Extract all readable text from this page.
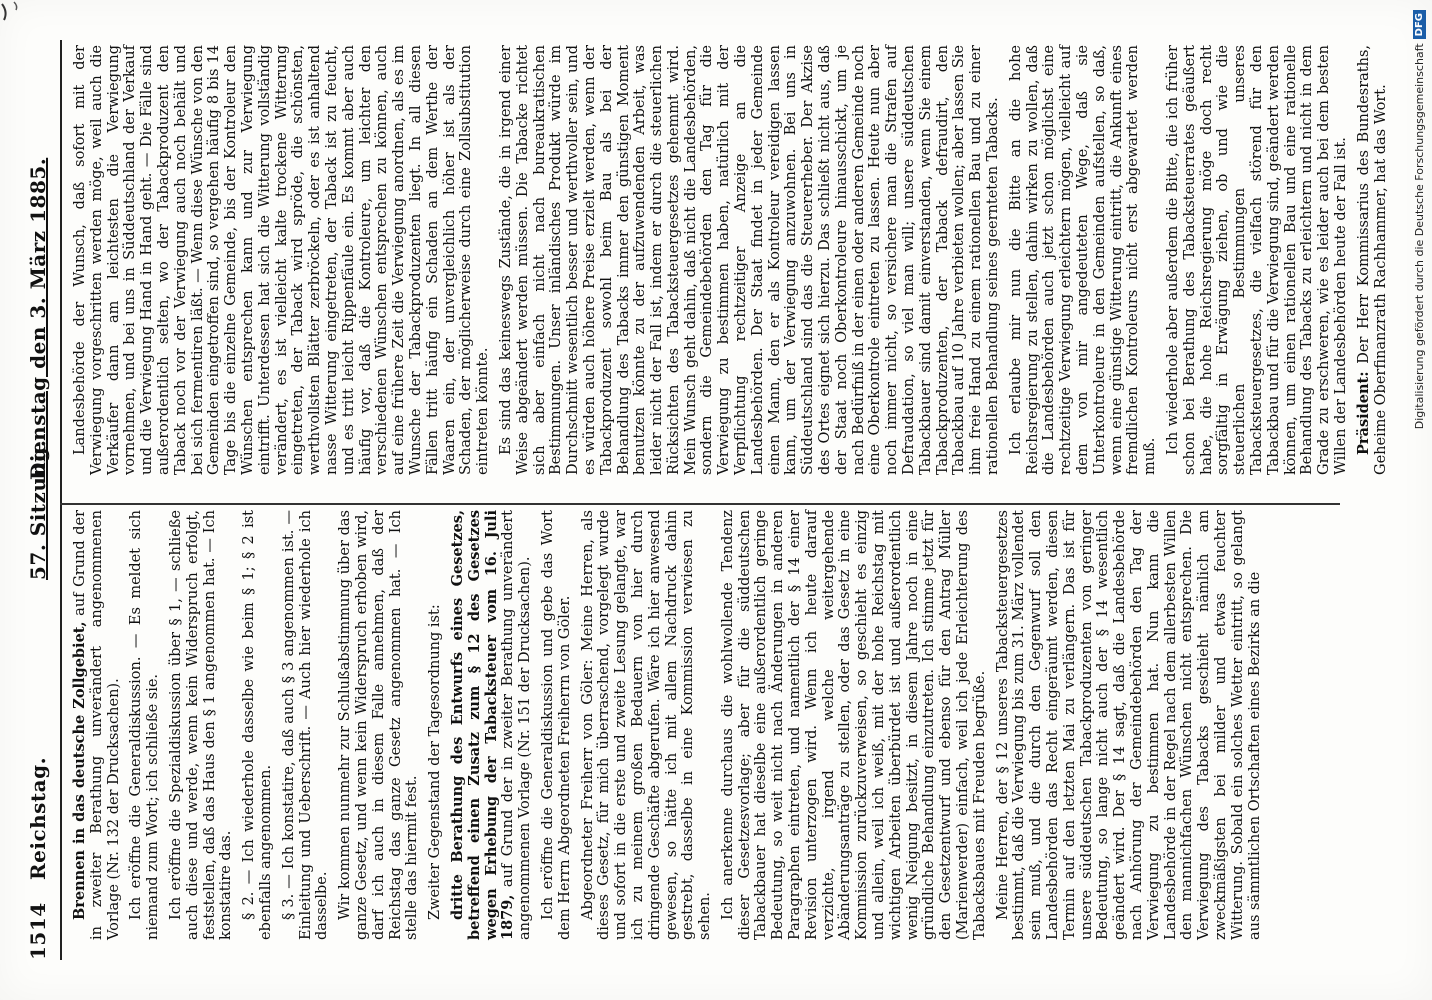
1514
Reichstag.
57. Sitzung.
Dienstag den 3. März 1885.

Brennen in das deutsche Zollgebiet, auf Grund der in zweiter Berathung unverändert angenommenen Vorlage (Nr. 132 der Drucksachen). Ich eröffne die Generaldiskussion. — Es meldet sich niemand zum Wort; ich schließe sie. Ich eröffne die Spezialdiskussion über § 1, — schließe auch diese und werde, wenn kein Widerspruch erfolgt, feststellen, daß das Haus den § 1 angenommen hat. — Ich konstatire das. § 2. — Ich wiederhole dasselbe wie beim § 1; § 2 ist ebenfalls angenommen. § 3. — Ich konstatire, daß auch § 3 angenommen ist. — Einleitung und Ueberschrift. — Auch hier wiederhole ich dasselbe. Wir kommen nunmehr zur Schlußabstimmung über das ganze Gesetz, und wenn kein Widerspruch erhoben wird, darf ich auch in diesem Falle annehmen, daß der Reichstag das ganze Gesetz angenommen hat. — Ich stelle das hiermit fest. Zweiter Gegenstand der Tagesordnung ist: dritte Berathung des Entwurfs eines Gesetzes, betreffend einen Zusatz zum § 12 des Gesetzes wegen Erhebung der Tabacksteuer vom 16. Juli 1879, auf Grund der in zweiter Berathung unverändert angenommenen Vorlage (Nr. 151 der Drucksachen). Ich eröffne die Generaldiskussion und gebe das Wort dem Herrn Abgeordneten Freiherrn von Göler. Abgeordneter Freiherr von Göler: Meine Herren, als dieses Gesetz, für mich überraschend, vorgelegt wurde und sofort in die erste und zweite Lesung gelangte, war ich zu meinem großen Bedauern von hier durch dringende Geschäfte abgerufen. Wäre ich hier anwesend gewesen, so hätte ich mit allem Nachdruck dahin gestrebt, dasselbe in eine Kommission verwiesen zu sehen. Ich anerkenne durchaus die wohlwollende Tendenz dieser Gesetzesvorlage; aber für die süddeutschen Tabackbauer hat dieselbe eine außerordentlich geringe Bedeutung, so weit nicht nach Änderungen in anderen Paragraphen eintreten, und namentlich der § 14 einer Revision unterzogen wird. Wenn ich heute darauf verzichte, irgend welche weitergehende Abänderungsanträge zu stellen, oder das Gesetz in eine Kommission zurückzuverweisen, so geschieht es einzig und allein, weil ich weiß, mit der hohe Reichstag mit wichtigen Arbeiten überbürdet ist und außerordentlich wenig Neigung besitzt, in diesem Jahre noch in eine gründliche Behandlung einzutreten. Ich stimme jetzt für den Gesetzentwurf und ebenso für den Antrag Müller (Marienwerder) einfach, weil ich jede Erleichterung des Tabacksbaues mit Freuden begrüße. Meine Herren, der § 12 unseres Tabacksteuergesetzes bestimmt, daß die Verwiegung bis zum 31. März vollendet sein muß, und die durch den Gegenwurf soll den Landesbehörden das Recht eingeräumt werden, diesen Termin auf den letzten Mai zu verlängern. Das ist für unsere süddeutschen Tabackproduzenten von geringer Bedeutung, so lange nicht auch der § 14 wesentlich geändert wird. Der § 14 sagt, daß die Landesbehörde nach Anhörung der Gemeindebehörden den Tag der Verwiegung zu bestimmen hat. Nun kann die Landesbehörde in der Regel nach dem allerbesten Willen den mannichfachen Wünschen nicht entsprechen. Die Verwiegung des Tabacks geschieht nämlich am zweckmäßigsten bei milder und etwas feuchter Witterung. Sobald ein solches Wetter eintritt, so gelangt aus sämmtlichen Ortschaften eines Bezirks an die

Landesbehörde der Wunsch, daß sofort mit der Verwiegung vorgeschritten werden möge, weil auch die Verkäufer dann am leichtesten die Verwiegung vornehmen, und bei uns in Süddeutschland der Verkauf und die Verwiegung Hand in Hand geht. — Die Fälle sind außerordentlich selten, wo der Tabackproduzent den Taback noch vor der Verwiegung auch noch behält und bei sich fermentiren läßt. — Wenn diese Wünsche von den Gemeinden eingetroffen sind, so vergehen häufig 8 bis 14 Tage bis die einzelne Gemeinde, bis der Kontroleur den Wünschen entsprechen kann und zur Verwiegung eintrifft. Unterdessen hat sich die Witterung vollständig verändert, es ist vielleicht kalte trockene Witterung eingetreten, der Taback wird spröde, die schönsten, werthvollsten Blätter zerbröckeln, oder es ist anhaltend nasse Witterung eingetreten, der Taback ist zu feucht, und es tritt leicht Rippenfäule ein. Es kommt aber auch häufig vor, daß die Kontroleure, um leichter den verschiedenen Wünschen entsprechen zu können, auch auf eine frühere Zeit die Verwiegung anordnen, als es im Wunsche der Tabackproduzenten liegt. In all diesen Fällen tritt häufig ein Schaden an dem Werthe der Waaren ein, der unvergleichlich höher ist als der Schaden, der möglicherweise durch eine Zollsubstitution eintreten könnte. Es sind das keineswegs Zustände, die in irgend einer Weise abgeändert werden müssen. Die Tabacke richtet sich aber einfach nicht nach bureaukratischen Bestimmungen. Unser inländisches Produkt würde im Durchschnitt wesentlich besser und werthvoller sein, und es würden auch höhere Preise erzielt werden, wenn der Tabackproduzent sowohl beim Bau als bei der Behandlung des Tabacks immer den günstigen Moment benutzen könnte zu der aufzuwendenden Arbeit, was leider nicht der Fall ist, indem er durch die steuerlichen Rücksichten des Tabacksteuergesetzes gehemmt wird. Mein Wunsch geht dahin, daß nicht die Landesbehörden, sondern die Gemeindebehörden den Tag für die Verwiegung zu bestimmen haben, natürlich mit der Verpflichtung rechtzeitiger Anzeige an die Landesbehörden. Der Staat findet in jeder Gemeinde einen Mann, den er als Kontroleur vereidigen lassen kann, um der Verwiegung anzuwohnen. Bei uns in Süddeutschland sind das die Steuererheber. Der Akzise des Ortes eignet sich hierzu. Das schließt nicht aus, daß der Staat noch Oberkontroleure hinausschickt, um je nach Bedürfniß in der einen oder anderen Gemeinde noch eine Oberkontrole eintreten zu lassen. Heute nun aber noch immer nicht, so versichere man die Strafen auf Defraudation, so viel man will; unsere süddeutschen Tabackbauer sind damit einverstanden, wenn Sie einem Tabackproduzenten, der Taback defraudirt, den Tabackbau auf 10 Jahre verbieten wollen; aber lassen Sie ihm freie Hand zu einem rationellen Bau und zu einer rationellen Behandlung seines geernteten Tabacks. Ich erlaube mir nun die Bitte an die hohe Reichsregierung zu stellen, dahin wirken zu wollen, daß die Landesbehörden auch jetzt schon möglichst eine rechtzeitige Verwiegung erleichtern mögen, vielleicht auf dem von mir angedeuteten Wege, daß sie Unterkontroleure in den Gemeinden aufstellen, so daß, wenn eine günstige Witterung eintritt, die Ankunft eines fremdlichen Kontroleurs nicht erst abgewartet werden muß.

Ich wiederhole aber außerdem die Bitte, die ich früher schon bei Berathung des Tabacksteuerrates geäußert habe, die hohe Reichsregierung möge doch recht sorgfältig in Erwägung ziehen, ob und wie die steuerlichen Bestimmungen unseres Tabacksteuergesetzes, die vielfach störend für den Tabackbau und für die Verwiegung sind, geändert werden können, um einen rationellen Bau und eine rationelle Behandlung des Tabacks zu erleichtern und nicht in dem Grade zu erschweren, wie es leider auch bei dem besten Willen der Landesbehörden heute der Fall ist. Präsident: Der Herr Kommissarius des Bundesraths, Geheime Oberfinanzrath Rachhammer, hat das Wort. Digitalisierung gefördert durch die Deutsche Forschungsgemeinschaft
DFG
